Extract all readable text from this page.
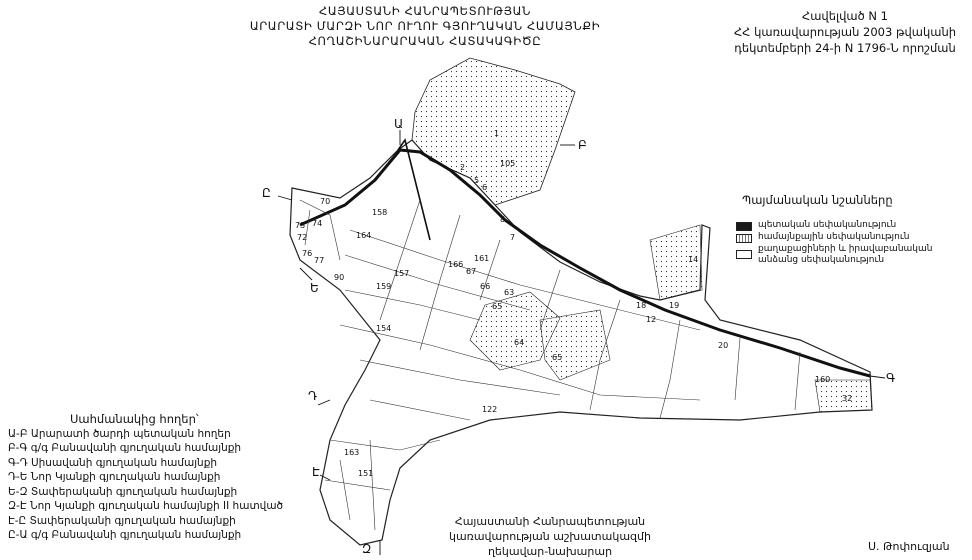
Ա
Բ
Գ
Դ
Ե
Զ
Է
Ը
1
105
2
5
6
8
7
158
164
73 74
70
72
76
77
90	157
159
166
161
67
66
63
65
64
154
65
14
18	19
12
20
160
32
122
163
151
ՀԱՅԱՍՏԱՆԻ ՀԱՆՐԱՊԵՏՈՒԹՅԱՆ
ԱՐԱՐԱՏԻ ՄԱՐԶԻ ՆՈՐ ՈՒՂՈՒ ԳՅՈՒՂԱԿԱՆ ՀԱՄԱՅՆՔԻ
ՀՈՂԱՇԻՆԱՐԱՐԱԿԱՆ ՀԱՏԱԿԱԳԻԾԸ
Հավելված N 1
ՀՀ կառավարության 2003 թվականի
դեկտեմբերի 24-ի N 1796-Ն որոշման
Պայմանական նշանները
պետական սեփականություն
համայնքային սեփականություն
քաղաքացիների և իրավաբանական
անձանց սեփականություն
Սահմանակից հողեր՝
Ա-Բ Արարատի ծարդի պետական հողեր
Բ-Գ գ/գ Բանավանի գյուղական համայնքի
Գ-Դ Սիսավանի գյուղական համայնքի
Դ-Ե Նոր Կյանքի գյուղական համայնքի
Ե-Զ Տափերականի գյուղական համայնքի
Զ-Է Նոր Կյանքի գյուղական համայնքի II հատված
Է-Ը Տափերականի գյուղական համայնքի
Ը-Ա գ/գ Բանավանի գյուղական համայնքի
Հայաստանի Հանրապետության
կառավարության աշխատակազմի
ղեկավար-նախարար	Ս. Թոփուզյան
